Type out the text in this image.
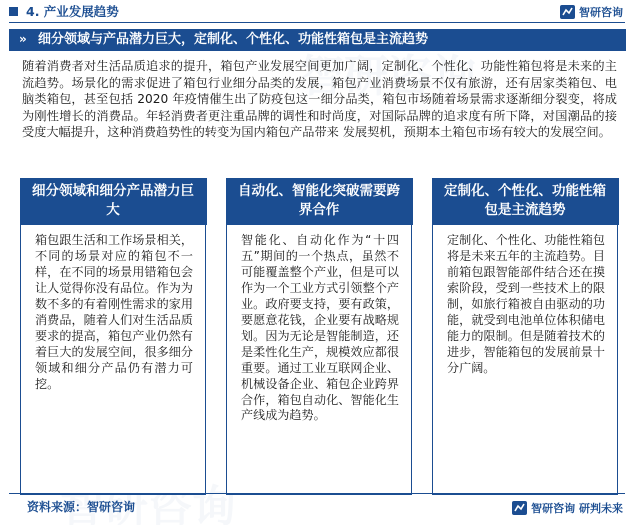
4. 产业发展趋势	智研咨询
» 细分领域与产品潜力巨大，定制化、个性化、功能性箱包是主流趋势
随着消费者对生活品质追求的提升，箱包产业发展空间更加广阔，定制化、个性化、功能性箱包将是未来的主流趋势。场景化的需求促进了箱包行业细分品类的发展，箱包产业消费场景不仅有旅游，还有居家类箱包、电脑类箱包，甚至包括 2020 年疫情催生出了防疫包这一细分品类，箱包市场随着场景需求逐渐细分裂变，将成为刚性增长的消费品。年轻消费者更注重品牌的调性和时尚度，对国际品牌的追求度有所下降，对国潮品的接受度大幅提升，这种消费趋势性的转变为国内箱包产品带来 发展契机，预期本土箱包市场有较大的发展空间。
细分领域和细分产品潜力巨大
箱包跟生活和工作场景相关，不同的场景对应的箱包不一样，在不同的场景用错箱包会让人觉得你没有品位。作为为数不多的有着刚性需求的家用消费品，随着人们对生活品质要求的提高，箱包产业仍然有着巨大的发展空间，很多细分领域和细分产品仍有潜力可挖。
自动化、智能化突破需要跨界合作
智能化、自动化作为“十四五”期间的一个热点，虽然不可能覆盖整个产业，但是可以作为一个工业方式引领整个产业。政府要支持，要有政策，要愿意花钱，企业要有战略规划。因为无论是智能制造，还是柔性化生产，规模效应都很重要。通过工业互联网企业、机械设备企业、箱包企业跨界合作，箱包自动化、智能化生产线成为趋势。
定制化、个性化、功能性箱包是主流趋势
定制化、个性化、功能性箱包将是未来五年的主流趋势。目前箱包跟智能部件结合还在摸索阶段，受到一些技术上的限制，如旅行箱被自由驱动的功能，就受到电池单位体积储电能力的限制。但是随着技术的进步，智能箱包的发展前景十分广阔。
资料来源：智研咨询	智研咨询 研判未来
